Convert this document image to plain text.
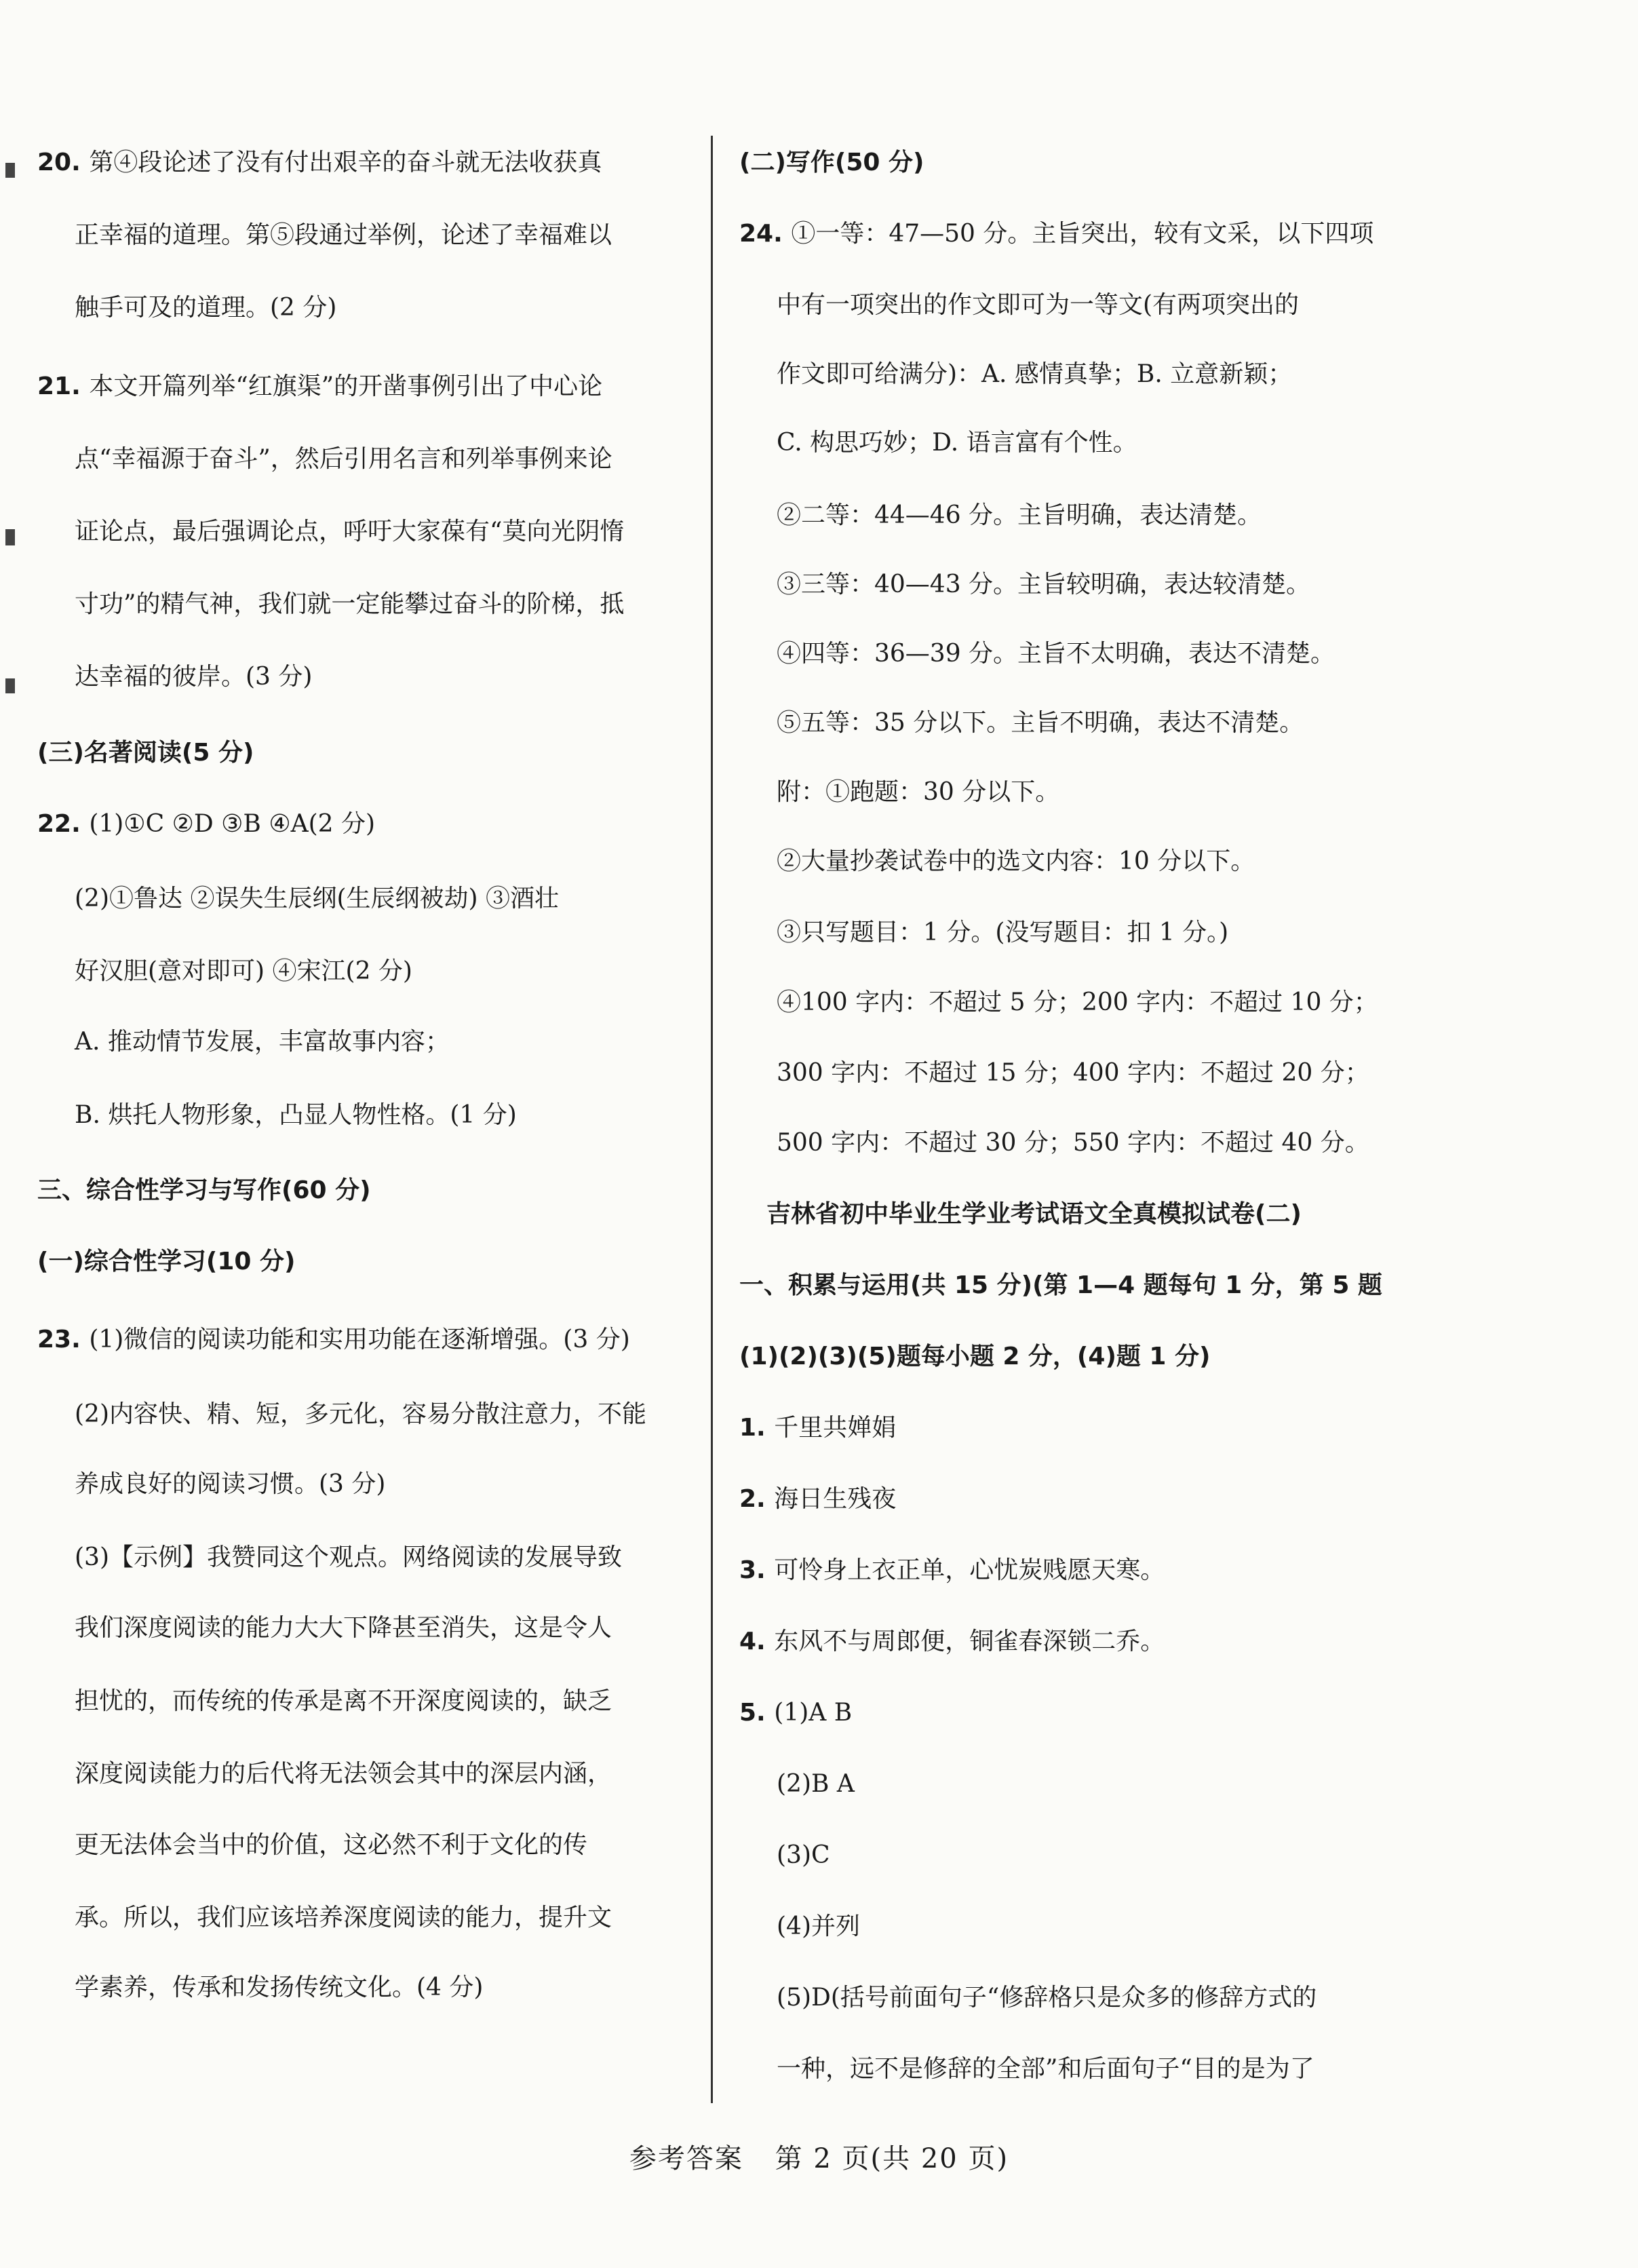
20. 第④段论述了没有付出艰辛的奋斗就无法收获真
正幸福的道理。第⑤段通过举例，论述了幸福难以
触手可及的道理。(2 分)
21. 本文开篇列举“红旗渠”的开凿事例引出了中心论
点“幸福源于奋斗”，然后引用名言和列举事例来论
证论点，最后强调论点，呼吁大家葆有“莫向光阴惰
寸功”的精气神，我们就一定能攀过奋斗的阶梯，抵
达幸福的彼岸。(3 分)
(三)名著阅读(5 分)
22. (1)①C ②D ③B ④A(2 分)
(2)①鲁达 ②误失生辰纲(生辰纲被劫) ③酒壮
好汉胆(意对即可) ④宋江(2 分)
A. 推动情节发展，丰富故事内容；
B. 烘托人物形象，凸显人物性格。(1 分)
三、综合性学习与写作(60 分)
(一)综合性学习(10 分)
23. (1)微信的阅读功能和实用功能在逐渐增强。(3 分)
(2)内容快、精、短，多元化，容易分散注意力，不能
养成良好的阅读习惯。(3 分)
(3)【示例】我赞同这个观点。网络阅读的发展导致
我们深度阅读的能力大大下降甚至消失，这是令人
担忧的，而传统的传承是离不开深度阅读的，缺乏
深度阅读能力的后代将无法领会其中的深层内涵，
更无法体会当中的价值，这必然不利于文化的传
承。所以，我们应该培养深度阅读的能力，提升文
学素养，传承和发扬传统文化。(4 分)
(二)写作(50 分)
24. ①一等：47—50 分。主旨突出，较有文采，以下四项
中有一项突出的作文即可为一等文(有两项突出的
作文即可给满分)：A. 感情真挚；B. 立意新颖；
C. 构思巧妙；D. 语言富有个性。
②二等：44—46 分。主旨明确，表达清楚。
③三等：40—43 分。主旨较明确，表达较清楚。
④四等：36—39 分。主旨不太明确，表达不清楚。
⑤五等：35 分以下。主旨不明确，表达不清楚。
附：①跑题：30 分以下。
②大量抄袭试卷中的选文内容：10 分以下。
③只写题目：1 分。(没写题目：扣 1 分。)
④100 字内：不超过 5 分；200 字内：不超过 10 分；
300 字内：不超过 15 分；400 字内：不超过 20 分；
500 字内：不超过 30 分；550 字内：不超过 40 分。
吉林省初中毕业生学业考试语文全真模拟试卷(二)
一、积累与运用(共 15 分)(第 1—4 题每句 1 分，第 5 题
(1)(2)(3)(5)题每小题 2 分，(4)题 1 分)
1. 千里共婵娟
2. 海日生残夜
3. 可怜身上衣正单，心忧炭贱愿天寒。
4. 东风不与周郎便，铜雀春深锁二乔。
5. (1)A B
(2)B A
(3)C
(4)并列
(5)D(括号前面句子“修辞格只是众多的修辞方式的
一种，远不是修辞的全部”和后面句子“目的是为了
参考答案 第 2 页(共 20 页)
